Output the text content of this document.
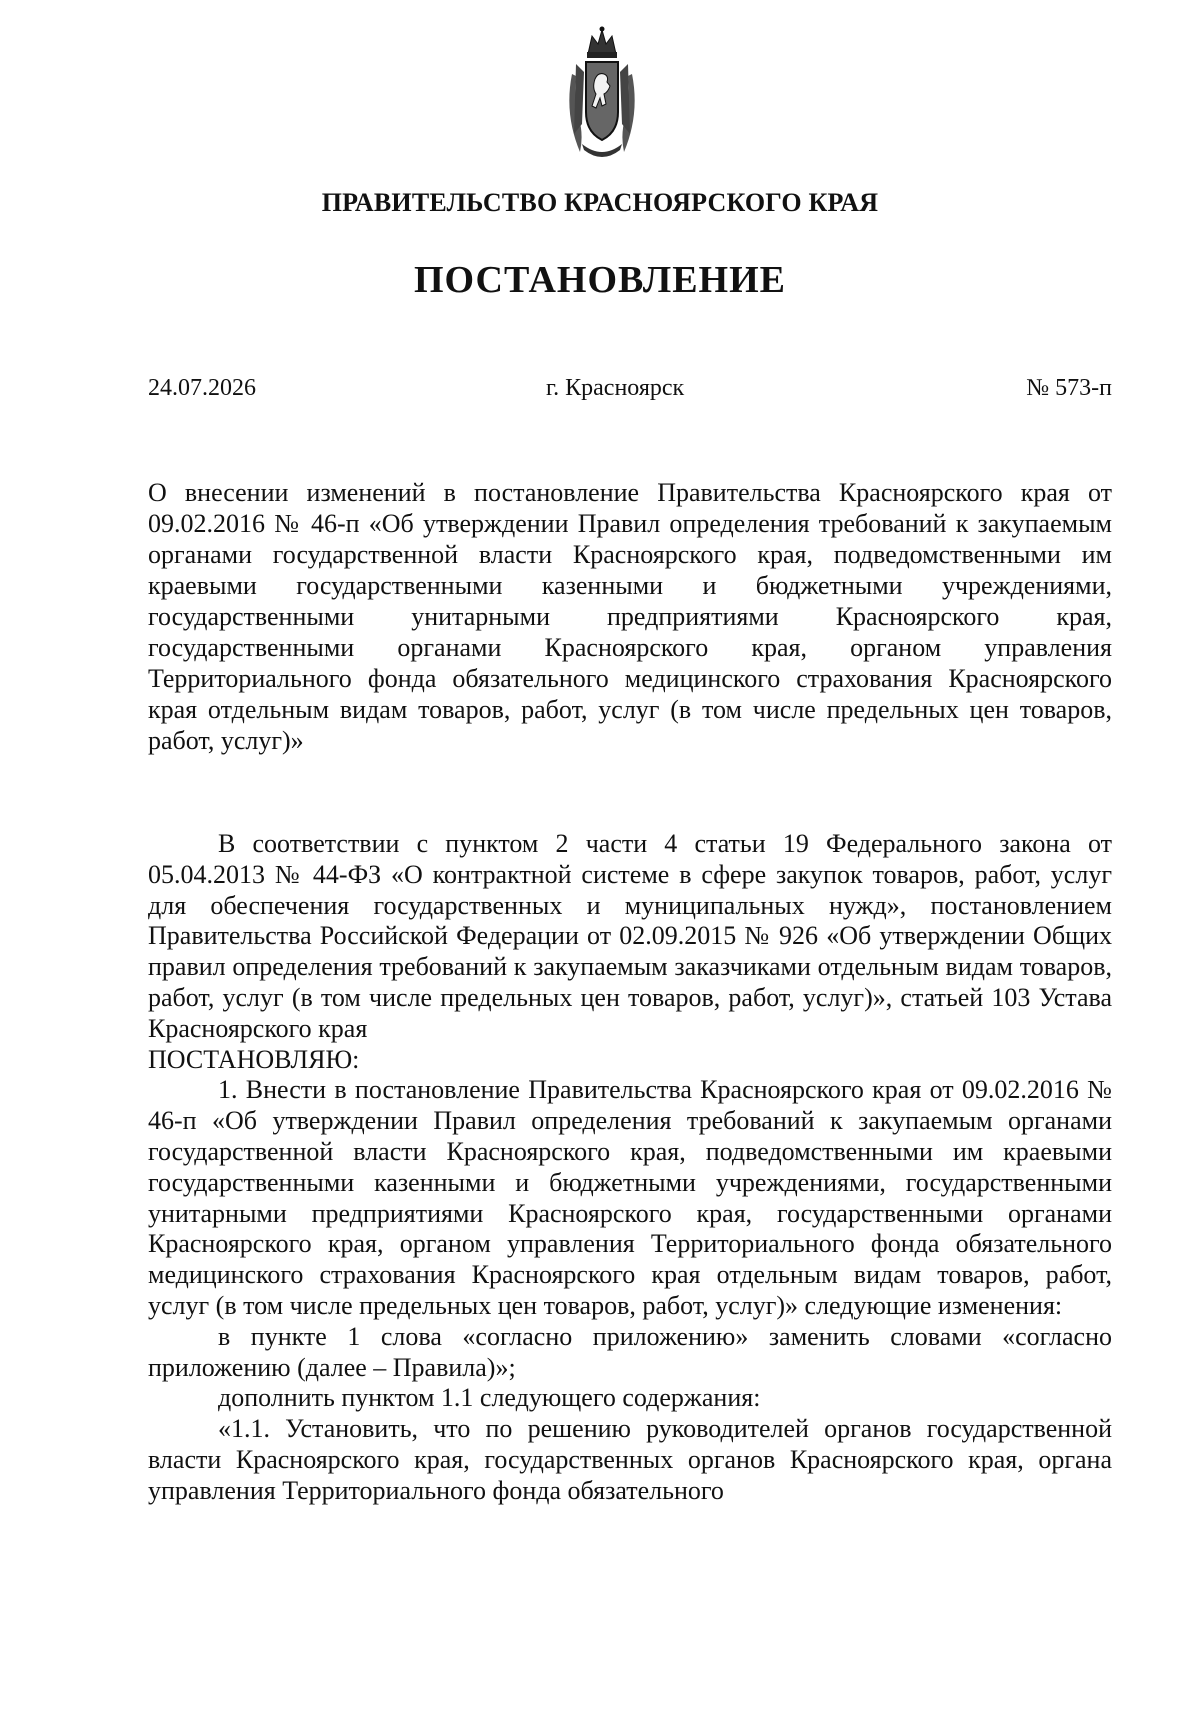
ПРАВИТЕЛЬСТВО КРАСНОЯРСКОГО КРАЯ
ПОСТАНОВЛЕНИЕ
24.07.2026	г. Красноярск	№ 573-п
О внесении изменений в постановление Правительства Красноярского края от 09.02.2016 № 46-п «Об утверждении Правил определения требований к закупаемым органами государственной власти Красноярского края, подведомственными им краевыми государственными казенными и бюджетными учреждениями, государственными унитарными предприятиями Красноярского края, государственными органами Красноярского края, органом управления Территориального фонда обязательного медицинского страхования Красноярского края отдельным видам товаров, работ, услуг (в том числе предельных цен товаров, работ, услуг)»

В соответствии с пунктом 2 части 4 статьи 19 Федерального закона от 05.04.2013 № 44-ФЗ «О контрактной системе в сфере закупок товаров, работ, услуг для обеспечения государственных и муниципальных нужд», постановлением Правительства Российской Федерации от 02.09.2015 № 926 «Об утверждении Общих правил определения требований к закупаемым заказчиками отдельным видам товаров, работ, услуг (в том числе предельных цен товаров, работ, услуг)», статьей 103 Устава Красноярского края

ПОСТАНОВЛЯЮ:

1. Внести в постановление Правительства Красноярского края от 09.02.2016 № 46-п «Об утверждении Правил определения требований к закупаемым органами государственной власти Красноярского края, подведомственными им краевыми государственными казенными и бюджетными учреждениями, государственными унитарными предприятиями Красноярского края, государственными органами Красноярского края, органом управления Территориального фонда обязательного медицинского страхования Красноярского края отдельным видам товаров, работ, услуг (в том числе предельных цен товаров, работ, услуг)» следующие изменения:

в пункте 1 слова «согласно приложению» заменить словами «согласно приложению (далее – Правила)»;

дополнить пунктом 1.1 следующего содержания:

«1.1. Установить, что по решению руководителей органов государственной власти Красноярского края, государственных органов Красноярского края, органа управления Территориального фонда обязательного
